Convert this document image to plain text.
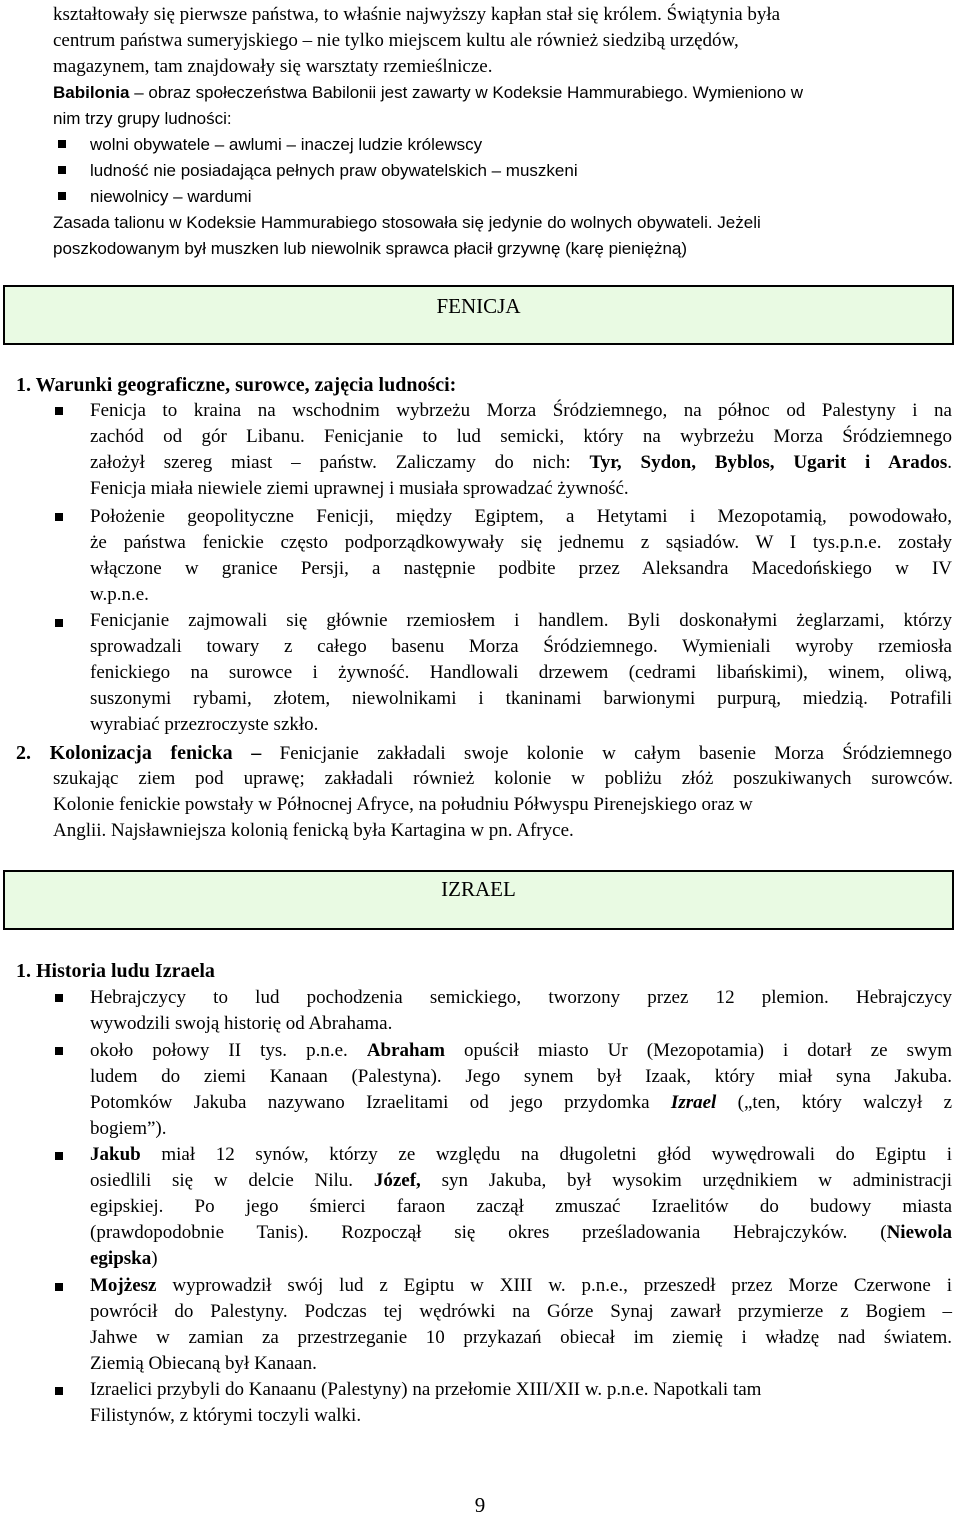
kształtowały się pierwsze państwa, to właśnie najwyższy kapłan stał się królem. Świątynia była
centrum państwa sumeryjskiego – nie tylko miejscem kultu ale również siedzibą urzędów,
magazynem, tam znajdowały się warsztaty rzemieślnicze.
Babilonia – obraz społeczeństwa Babilonii jest zawarty w Kodeksie Hammurabiego. Wymieniono w
nim trzy grupy ludności:
wolni obywatele – awlumi – inaczej ludzie królewscy
ludność nie posiadająca pełnych praw obywatelskich – muszkeni
niewolnicy – wardumi
Zasada talionu w Kodeksie Hammurabiego stosowała się jedynie do wolnych obywateli. Jeżeli
poszkodowanym był muszken lub niewolnik sprawca płacił grzywnę (karę pieniężną)
FENICJA
1. Warunki geograficzne, surowce, zajęcia ludności:
Fenicja to kraina na wschodnim wybrzeżu Morza Śródziemnego, na północ od Palestyny i na
zachód od gór Libanu. Fenicjanie to lud semicki, który na wybrzeżu Morza Śródziemnego
założył szereg miast – państw. Zaliczamy do nich: Tyr, Sydon, Byblos, Ugarit i Arados.
Fenicja miała niewiele ziemi uprawnej i musiała sprowadzać żywność.
Położenie geopolityczne Fenicji, między Egiptem, a Hetytami i Mezopotamią, powodowało,
że państwa fenickie często podporządkowywały się jednemu z sąsiadów. W I tys.p.n.e. zostały
włączone w granice Persji, a następnie podbite przez Aleksandra Macedońskiego w IV
w.p.n.e.
Fenicjanie zajmowali się głównie rzemiosłem i handlem. Byli doskonałymi żeglarzami, którzy
sprowadzali towary z całego basenu Morza Śródziemnego. Wymieniali wyroby rzemiosła
fenickiego na surowce i żywność. Handlowali drzewem (cedrami libańskimi), winem, oliwą,
suszonymi rybami, złotem, niewolnikami i tkaninami barwionymi purpurą, miedzią. Potrafili
wyrabiać przezroczyste szkło.
2. Kolonizacja fenicka – Fenicjanie zakładali swoje kolonie w całym basenie Morza Śródziemnego
szukając ziem pod uprawę; zakładali również kolonie w pobliżu złóż poszukiwanych surowców.
Kolonie fenickie powstały w Północnej Afryce, na południu Półwyspu Pirenejskiego oraz w
Anglii. Najsławniejsza kolonią fenicką była Kartagina w pn. Afryce.
IZRAEL
1. Historia ludu Izraela
Hebrajczycy to lud pochodzenia semickiego, tworzony przez 12 plemion. Hebrajczycy
wywodzili swoją historię od Abrahama.
około połowy II tys. p.n.e. Abraham opuścił miasto Ur (Mezopotamia) i dotarł ze swym
ludem do ziemi Kanaan (Palestyna). Jego synem był Izaak, który miał syna Jakuba.
Potomków Jakuba nazywano Izraelitami od jego przydomka Izrael („ten, który walczył z
bogiem”).
Jakub miał 12 synów, którzy ze względu na długoletni głód wywędrowali do Egiptu i
osiedlili się w delcie Nilu. Józef, syn Jakuba, był wysokim urzędnikiem w administracji
egipskiej. Po jego śmierci faraon zaczął zmuszać Izraelitów do budowy miasta
(prawdopodobnie Tanis). Rozpoczął się okres prześladowania Hebrajczyków. (Niewola
egipska)
Mojżesz wyprowadził swój lud z Egiptu w XIII w. p.n.e., przeszedł przez Morze Czerwone i
powrócił do Palestyny. Podczas tej wędrówki na Górze Synaj zawarł przymierze z Bogiem –
Jahwe w zamian za przestrzeganie 10 przykazań obiecał im ziemię i władzę nad światem.
Ziemią Obiecaną był Kanaan.
Izraelici przybyli do Kanaanu (Palestyny) na przełomie XIII/XII w. p.n.e. Napotkali tam
Filistynów, z którymi toczyli walki.
9
